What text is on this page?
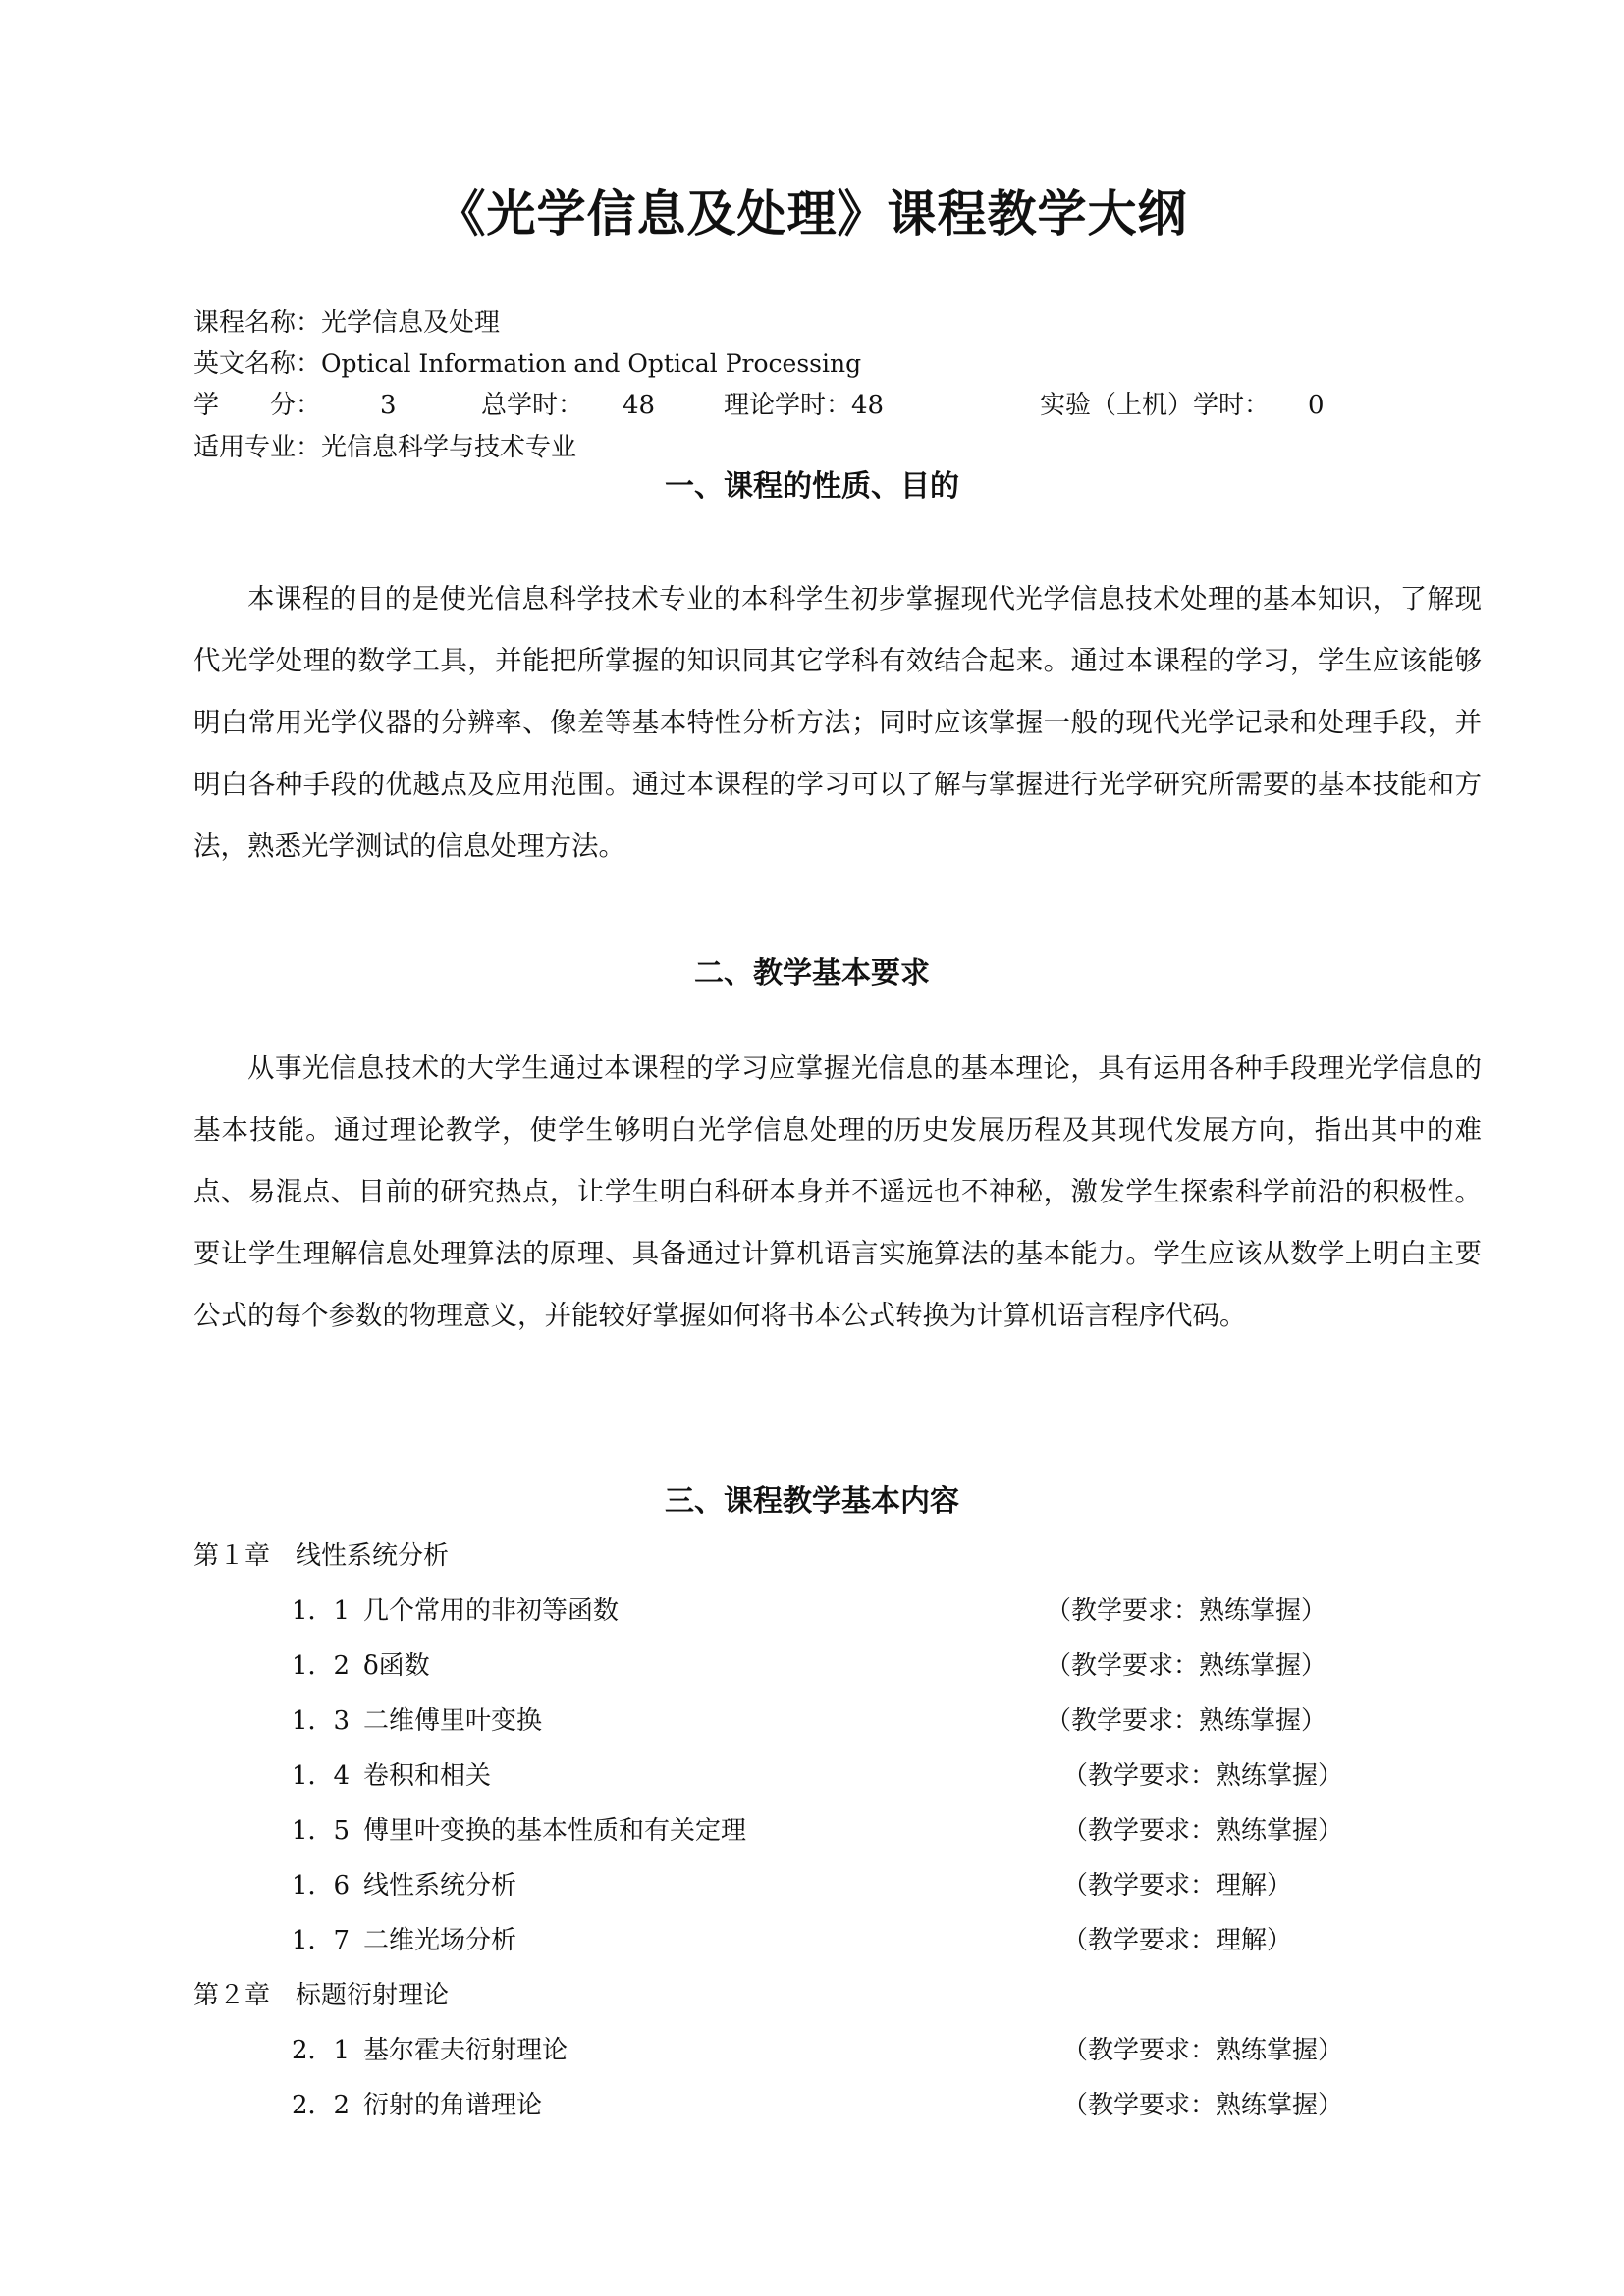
《光学信息及处理》课程教学大纲
课程名称： 光学信息及处理
英文名称： Optical Information and Optical Processing
学　　分： 3	总学时： 48	理论学时： 48	实验（上机）学时： 0
适用专业： 光信息科学与技术专业
一、课程的性质、目的

本课程的目的是使光信息科学技术专业的本科学生初步掌握现代光学信息技术处理的基本知识，了解现代光学处理的数学工具，并能把所掌握的知识同其它学科有效结合起来。通过本课程的学习，学生应该能够明白常用光学仪器的分辨率、像差等基本特性分析方法；同时应该掌握一般的现代光学记录和处理手段，并明白各种手段的优越点及应用范围。通过本课程的学习可以了解与掌握进行光学研究所需要的基本技能和方法，熟悉光学测试的信息处理方法。

二、教学基本要求

从事光信息技术的大学生通过本课程的学习应掌握光信息的基本理论，具有运用各种手段理光学信息的基本技能。通过理论教学，使学生够明白光学信息处理的历史发展历程及其现代发展方向，指出其中的难点、易混点、目前的研究热点，让学生明白科研本身并不遥远也不神秘，激发学生探索科学前沿的积极性。要让学生理解信息处理算法的原理、具备通过计算机语言实施算法的基本能力。学生应该从数学上明白主要公式的每个参数的物理意义，并能较好掌握如何将书本公式转换为计算机语言程序代码。

三、课程教学基本内容
第１章　线性系统分析
1．1 几个常用的非初等函数	（教学要求：熟练掌握）
1．2 δ函数	（教学要求：熟练掌握）
1．3 二维傅里叶变换	（教学要求：熟练掌握）
1．4 卷积和相关	（教学要求：熟练掌握）
1．5 傅里叶变换的基本性质和有关定理	（教学要求：熟练掌握）
1．6 线性系统分析	（教学要求：理解）
1．7 二维光场分析	（教学要求：理解）
第２章　标题衍射理论
2．1 基尔霍夫衍射理论	（教学要求：熟练掌握）
2．2 衍射的角谱理论	（教学要求：熟练掌握）
